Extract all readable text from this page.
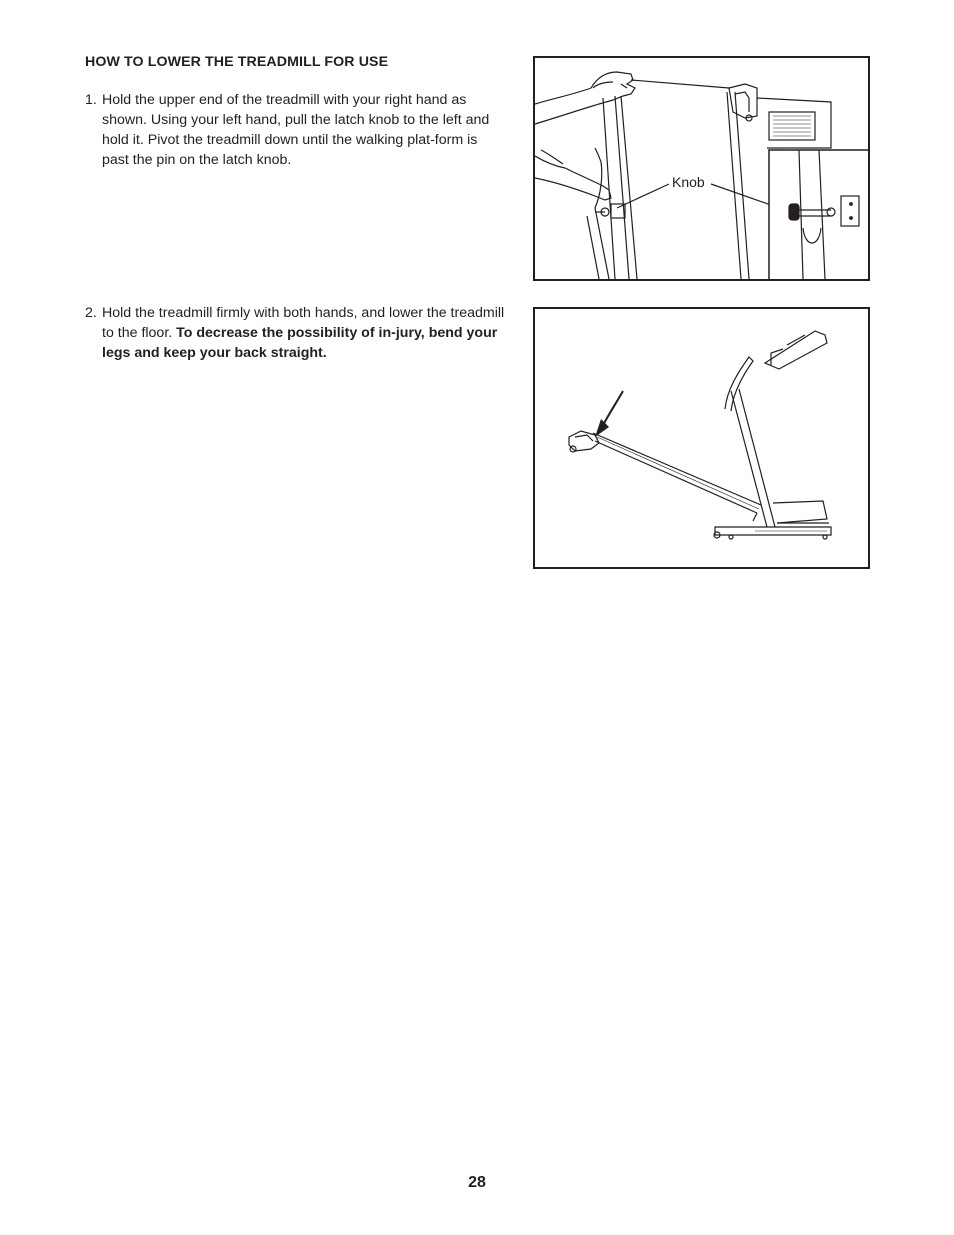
HOW TO LOWER THE TREADMILL FOR USE
1. Hold the upper end of the treadmill with your right hand as shown. Using your left hand, pull the latch knob to the left and hold it. Pivot the treadmill down until the walking plat-form is past the pin on the latch knob.
2. Hold the treadmill firmly with both hands, and lower the treadmill to the floor. To decrease the possibility of in-jury, bend your legs and keep your back straight.
Knob
28
